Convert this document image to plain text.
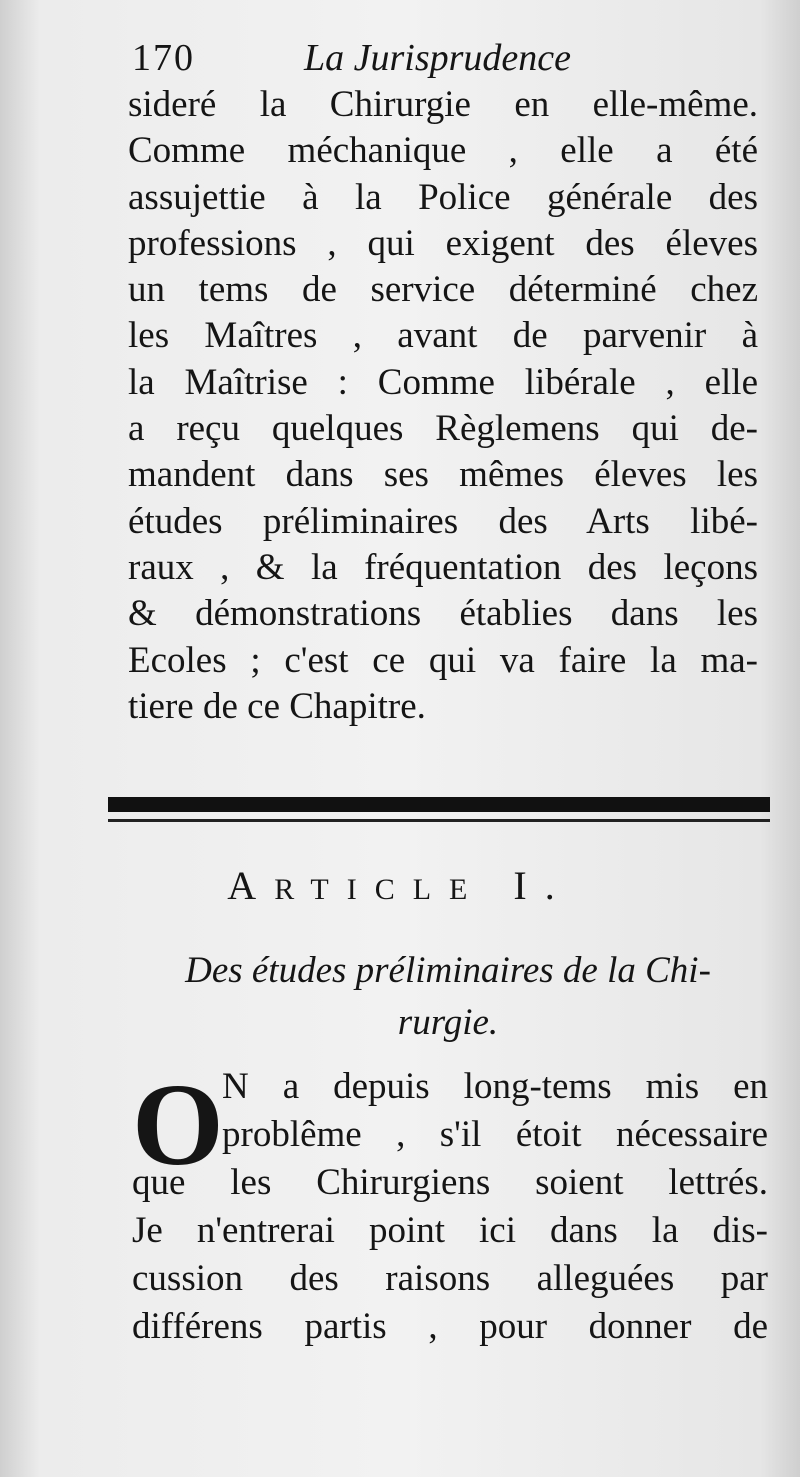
170	La Jurisprudence
sideré la Chirurgie en elle-même.
Comme méchanique , elle a été
assujettie à la Police générale des
professions , qui exigent des éleves
un tems de service déterminé chez
les Maîtres , avant de parvenir à
la Maîtrise : Comme libérale , elle
a reçu quelques Règlemens qui de-
mandent dans ses mêmes éleves les
études préliminaires des Arts libé-
raux , & la fréquentation des leçons
& démonstrations établies dans les
Ecoles ; c'est ce qui va faire la ma-
tiere de ce Chapitre.
ARTICLE I.
Des études préliminaires de la Chi-
rurgie.
O
N a depuis long-tems mis en
problême , s'il étoit nécessaire
que les Chirurgiens soient lettrés.
Je n'entrerai point ici dans la dis-
cussion des raisons alleguées par
différens partis , pour donner de
